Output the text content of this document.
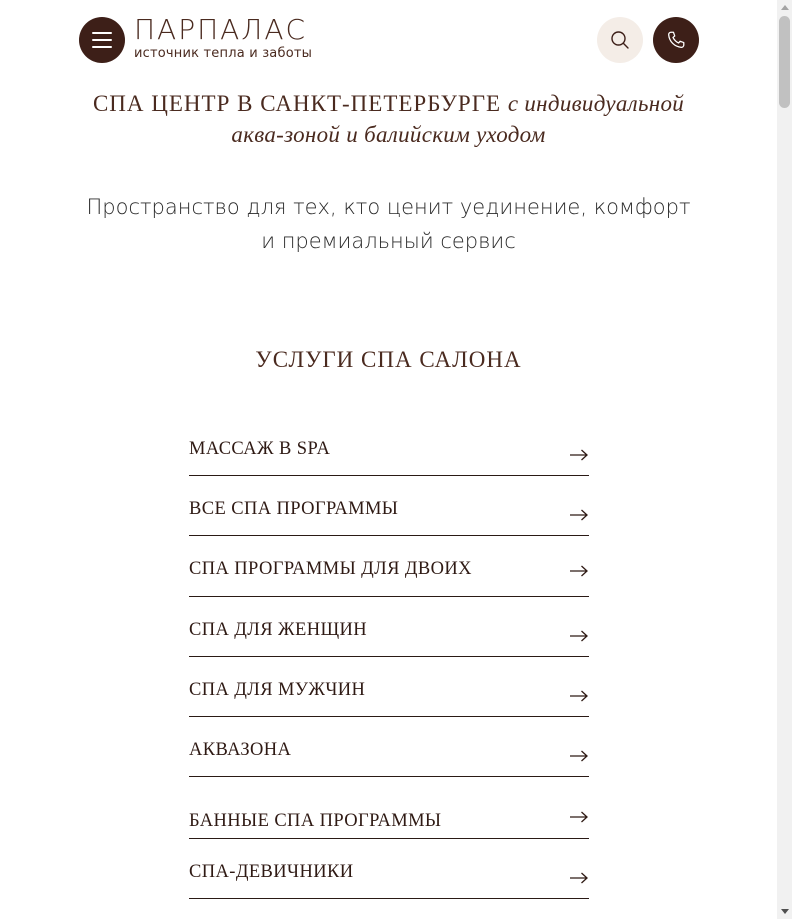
СПА ЦЕНТР В САНКТ-ПЕТЕРБУРГЕ с индивидуальной
аква-зоной и балийским уходом
Пространство для тех, кто ценит уединение, комфорт и премиальный сервис
ПАРПАЛАС
источник тепла и заботы
УСЛУГИ СПА САЛОНА
МАССАЖ В SPA
ВСЕ СПА ПРОГРАММЫ
СПА ПРОГРАММЫ ДЛЯ ДВОИХ
СПА ДЛЯ ЖЕНЩИН
СПА ДЛЯ МУЖЧИН
АКВАЗОНА
БАННЫЕ СПА ПРОГРАММЫ
СПА-ДЕВИЧНИКИ
